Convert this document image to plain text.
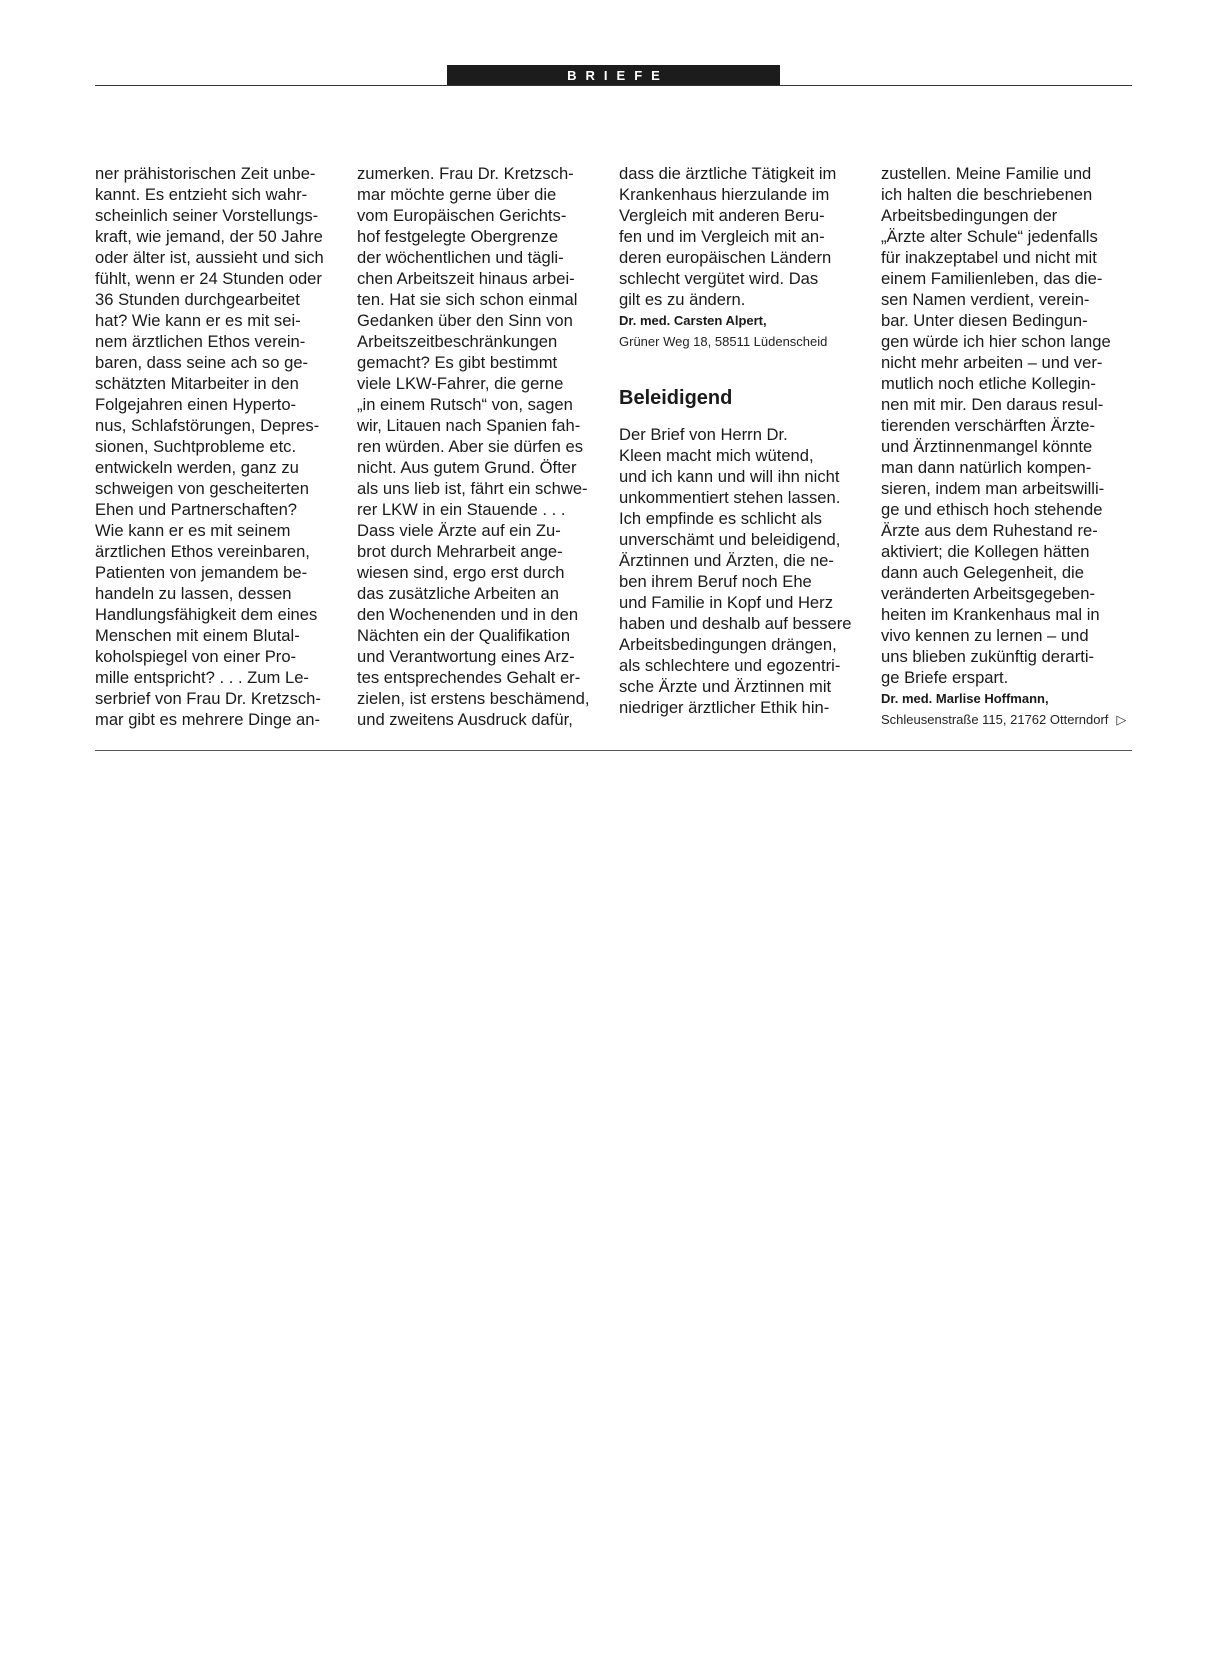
BRIEFE
ner prähistorischen Zeit unbe-
kannt. Es entzieht sich wahr-
scheinlich seiner Vorstellungs-
kraft, wie jemand, der 50 Jahre
oder älter ist, aussieht und sich
fühlt, wenn er 24 Stunden oder
36 Stunden durchgearbeitet
hat? Wie kann er es mit sei-
nem ärztlichen Ethos verein-
baren, dass seine ach so ge-
schätzten Mitarbeiter in den
Folgejahren einen Hyperto-
nus, Schlafstörungen, Depres-
sionen, Suchtprobleme etc.
entwickeln werden, ganz zu
schweigen von gescheiterten
Ehen und Partnerschaften?
Wie kann er es mit seinem
ärztlichen Ethos vereinbaren,
Patienten von jemandem be-
handeln zu lassen, dessen
Handlungsfähigkeit dem eines
Menschen mit einem Blutal-
koholspiegel von einer Pro-
mille entspricht? . . . Zum Le-
serbrief von Frau Dr. Kretzsch-
mar gibt es mehrere Dinge an-
zumerken. Frau Dr. Kretzsch-
mar möchte gerne über die
vom Europäischen Gerichts-
hof festgelegte Obergrenze
der wöchentlichen und tägli-
chen Arbeitszeit hinaus arbei-
ten. Hat sie sich schon einmal
Gedanken über den Sinn von
Arbeitszeitbeschränkungen
gemacht? Es gibt bestimmt
viele LKW-Fahrer, die gerne
„in einem Rutsch“ von, sagen
wir, Litauen nach Spanien fah-
ren würden. Aber sie dürfen es
nicht. Aus gutem Grund. Öfter
als uns lieb ist, fährt ein schwe-
rer LKW in ein Stauende . . .
Dass viele Ärzte auf ein Zu-
brot durch Mehrarbeit ange-
wiesen sind, ergo erst durch
das zusätzliche Arbeiten an
den Wochenenden und in den
Nächten ein der Qualifikation
und Verantwortung eines Arz-
tes entsprechendes Gehalt er-
zielen, ist erstens beschämend,
und zweitens Ausdruck dafür,
dass die ärztliche Tätigkeit im
Krankenhaus hierzulande im
Vergleich mit anderen Beru-
fen und im Vergleich mit an-
deren europäischen Ländern
schlecht vergütet wird. Das
gilt es zu ändern.
Dr. med. Carsten Alpert,
Grüner Weg 18, 58511 Lüdenscheid
Beleidigend
Der Brief von Herrn Dr.
Kleen macht mich wütend,
und ich kann und will ihn nicht
unkommentiert stehen lassen.
Ich empfinde es schlicht als
unverschämt und beleidigend,
Ärztinnen und Ärzten, die ne-
ben ihrem Beruf noch Ehe
und Familie in Kopf und Herz
haben und deshalb auf bessere
Arbeitsbedingungen drängen,
als schlechtere und egozentri-
sche Ärzte und Ärztinnen mit
niedriger ärztlicher Ethik hin-
zustellen. Meine Familie und
ich halten die beschriebenen
Arbeitsbedingungen der
„Ärzte alter Schule“ jedenfalls
für inakzeptabel und nicht mit
einem Familienleben, das die-
sen Namen verdient, verein-
bar. Unter diesen Bedingun-
gen würde ich hier schon lange
nicht mehr arbeiten – und ver-
mutlich noch etliche Kollegin-
nen mit mir. Den daraus resul-
tierenden verschärften Ärzte-
und Ärztinnenmangel könnte
man dann natürlich kompen-
sieren, indem man arbeitswilli-
ge und ethisch hoch stehende
Ärzte aus dem Ruhestand re-
aktiviert; die Kollegen hätten
dann auch Gelegenheit, die
veränderten Arbeitsgegeben-
heiten im Krankenhaus mal in
vivo kennen zu lernen – und
uns blieben zukünftig derarti-
ge Briefe erspart.
Dr. med. Marlise Hoffmann,
Schleusenstraße 115, 21762 Otterndorf ▷
